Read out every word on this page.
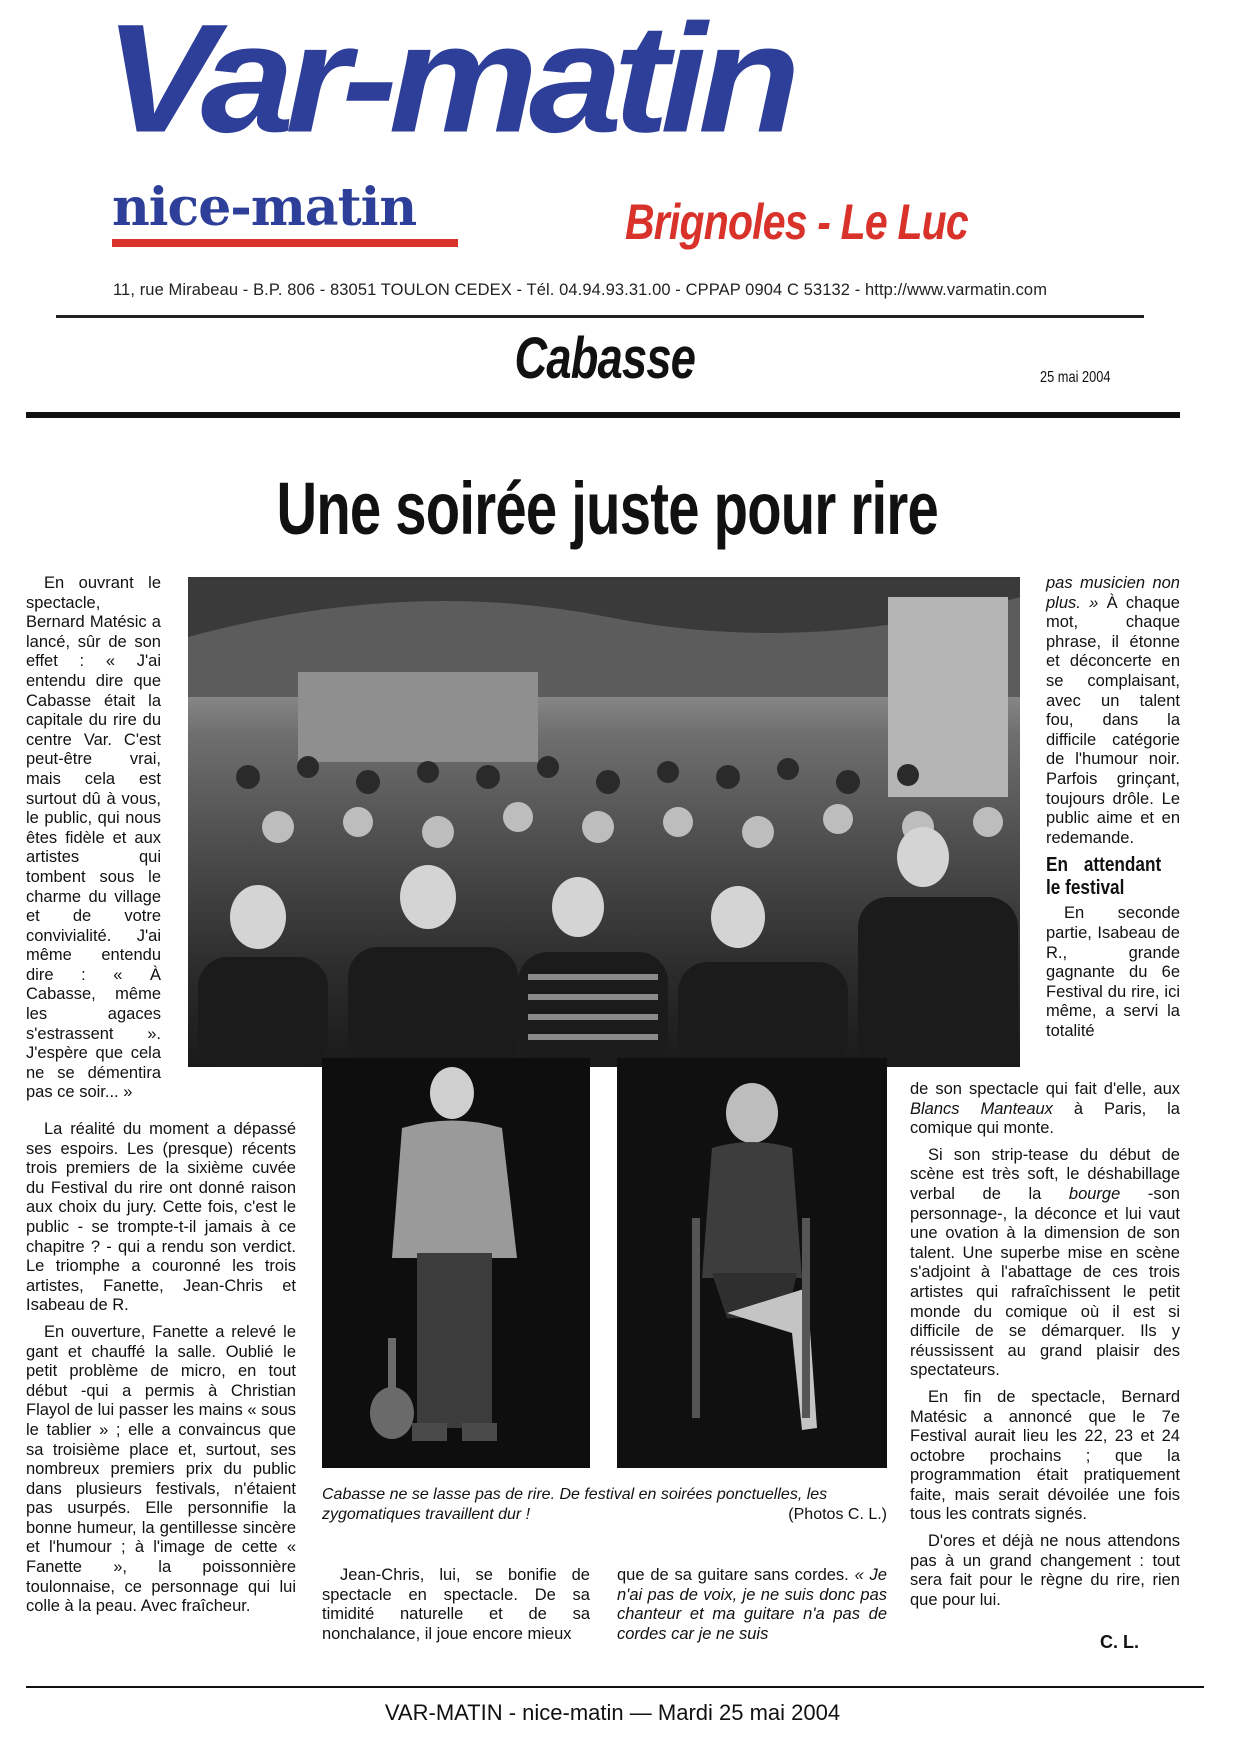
Var-matin
nice-matin	Brignoles - Le Luc
11, rue Mirabeau - B.P. 806 - 83051 TOULON CEDEX - Tél. 04.94.93.31.00 - CPPAP 0904 C 53132 - http://www.varmatin.com
Cabasse	25 mai 2004
Une soirée juste pour rire
Cabasse ne se lasse pas de rire. De festival en soirées ponctuelles, les zygomatiques travaillent dur !	(Photos C. L.)

En ouvrant le spectacle, Bernard Matésic a lancé, sûr de son effet : « J'ai entendu dire que Cabasse était la capitale du rire du centre Var. C'est peut-être vrai, mais cela est surtout dû à vous, le public, qui nous êtes fidèle et aux artistes qui tombent sous le charme du village et de votre convivialité. J'ai même entendu dire : « À Cabasse, même les agaces s'estrassent ». J'espère que cela ne se démentira pas ce soir... »

La réalité du moment a dépassé ses espoirs. Les (presque) récents trois premiers de la sixième cuvée du Festival du rire ont donné raison aux choix du jury. Cette fois, c'est le public - se trompte-t-il jamais à ce chapitre ? - qui a rendu son verdict. Le triomphe a couronné les trois artistes, Fanette, Jean-Chris et Isabeau de R.

En ouverture, Fanette a relevé le gant et chauffé la salle. Oublié le petit problème de micro, en tout début -qui a permis à Christian Flayol de lui passer les mains « sous le tablier » ; elle a convaincus que sa troisième place et, surtout, ses nombreux premiers prix du public dans plusieurs festivals, n'étaient pas usurpés. Elle personnifie la bonne humeur, la gentillesse sincère et l'humour ; à l'image de cette « Fanette », la poissonnière toulonnaise, ce personnage qui lui colle à la peau. Avec fraîcheur.

Jean-Chris, lui, se bonifie de spectacle en spectacle. De sa timidité naturelle et de sa nonchalance, il joue encore mieux

que de sa guitare sans cordes. « Je n'ai pas de voix, je ne suis donc pas chanteur et ma guitare n'a pas de cordes car je ne suis

pas musicien non plus. » À chaque mot, chaque phrase, il étonne et déconcerte en se complaisant, avec un talent fou, dans la difficile catégorie de l'humour noir. Parfois grinçant, toujours drôle. Le public aime et en redemande.

En attendant le festival

En seconde partie, Isabeau de R., grande gagnante du 6e Festival du rire, ici même, a servi la totalité

de son spectacle qui fait d'elle, aux Blancs Manteaux à Paris, la comique qui monte.

Si son strip-tease du début de scène est très soft, le déshabillage verbal de la bourge -son personnage-, la déconce et lui vaut une ovation à la dimension de son talent. Une superbe mise en scène s'adjoint à l'abattage de ces trois artistes qui rafraîchissent le petit monde du comique où il est si difficile de se démarquer. Ils y réussissent au grand plaisir des spectateurs.

En fin de spectacle, Bernard Matésic a annoncé que le 7e Festival aurait lieu les 22, 23 et 24 octobre prochains ; que la programmation était pratiquement faite, mais serait dévoilée une fois tous les contrats signés.

D'ores et déjà ne nous attendons pas à un grand changement : tout sera fait pour le règne du rire, rien que pour lui.

C. L.
VAR-MATIN - nice-matin — Mardi 25 mai 2004
